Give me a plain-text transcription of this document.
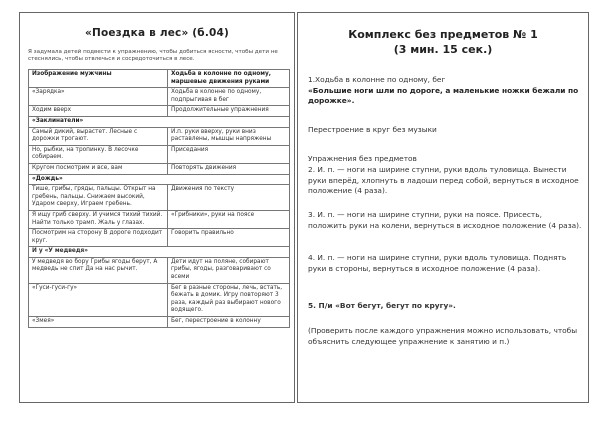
«Поездка в лес» (б.04)
Я задумала детей подвести к упражнению, чтобы добиться ясности, чтобы дети не стеснялись, чтобы отвлечься и сосредоточиться в лесе.
Изображение мужчины	Ходьба в колонне по одному, маршевые движения руками
«Зарядка»	Ходьба в колонне по одному, подпрыгивая в бег
Ходим вверх	Продолжительные упражнения
«Заклинатели»	
Самый дикий, вырастет. Лесные с дорожки трогают.	И.п. руки вверху, руки вниз раставлены, мышцы напряжены
Но, рыбки, на тропинку. В лесочке собираем.	Приседания
Кругом посмотрим и все, вам	Повторять движения
«Дождь»	
Тише, грибы, гряды, пальцы. Открыт на гребень, пальцы. Снижаем высокий, Ударом сверху, Играем гребень.	Движения по тексту
Я ищу гриб сверху. И учимся тихий тихий. Найти только трамп. Жаль у глазах.	«Грибники», руки на поясе
Посмотрим на сторону В дороге подходит круг.	Говорить правильно
И у «У медведя»	
У медведя во бору Грибы ягоды берут, А медведь не спит Да на нас рычит.	Дети идут на поляне, собирают грибы, ягоды, разговаривают со всеми
«Гуси-гуси-гу»	Бег в разные стороны, лечь, встать, бежать в домик. Игру повторяют 3 раза, каждый раз выбирают нового водящего.
«Змея»	Бег, перестроение в колонну
Комплекс без предметов № 1
(3 мин. 15 сек.)
1.Ходьба в колонне по одному, бег
«Большие ноги шли по дороге, а маленькие ножки бежали по дорожке».
Перестроение в круг без музыки
Упражнения без предметов
2. И. п. — ноги на ширине ступни, руки вдоль туловища. Вынести руки вперёд, хлопнуть в ладоши перед собой, вернуться в исходное положение (4 раза).
3. И. п. — ноги на ширине ступни, руки на поясе. Присесть, положить руки на колени, вернуться в исходное положение (4 раза).
4. И. п. — ноги на ширине ступни, руки вдоль туловища. Поднять руки в стороны, вернуться в исходное положение (4 раза).
5. П/и «Вот бегут, бегут по кругу».
(Проверить после каждого упражнения можно использовать, чтобы объяснить следующее упражнение к занятию и п.)
